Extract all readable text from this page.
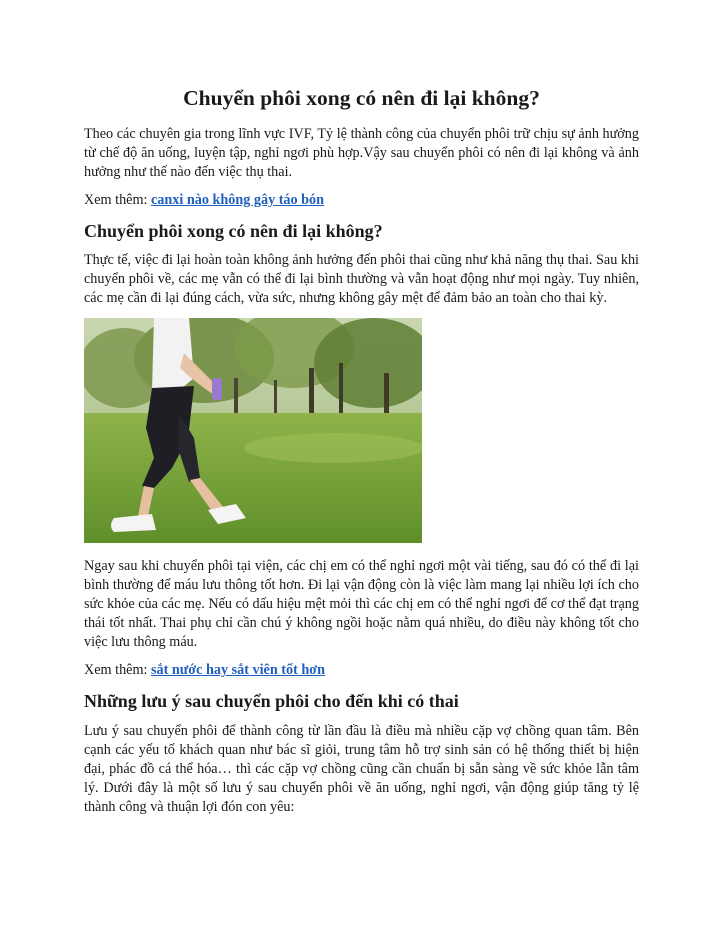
Chuyển phôi xong có nên đi lại không?

Theo các chuyên gia trong lĩnh vực IVF, Tỷ lệ thành công của chuyển phôi trữ chịu sự ảnh hưởng từ chế độ ăn uống, luyện tập, nghỉ ngơi phù hợp.Vậy sau chuyển phôi có nên đi lại không và ảnh hưởng như thế nào đến việc thụ thai.

Xem thêm: canxi nào không gây táo bón
Chuyển phôi xong có nên đi lại không?

Thực tế, việc đi lại hoàn toàn không ảnh hưởng đến phôi thai cũng như khả năng thụ thai. Sau khi chuyển phôi về, các mẹ vẫn có thể đi lại bình thường và vẫn hoạt động như mọi ngày. Tuy nhiên, các mẹ cần đi lại đúng cách, vừa sức, nhưng không gây mệt để đảm bảo an toàn cho thai kỳ.

Ngay sau khi chuyển phôi tại viện, các chị em có thể nghỉ ngơi một vài tiếng, sau đó có thể đi lại bình thường để máu lưu thông tốt hơn. Đi lại vận động còn là việc làm mang lại nhiều lợi ích cho sức khỏe của các mẹ. Nếu có dấu hiệu mệt mỏi thì các chị em có thể nghỉ ngơi để cơ thể đạt trạng thái tốt nhất. Thai phụ chỉ cần chú ý không ngồi hoặc nằm quá nhiều, do điều này không tốt cho việc lưu thông máu.

Xem thêm: sắt nước hay sắt viên tốt hơn
Những lưu ý sau chuyển phôi cho đến khi có thai

Lưu ý sau chuyển phôi để thành công từ lần đầu là điều mà nhiều cặp vợ chồng quan tâm. Bên cạnh các yếu tố khách quan như bác sĩ giỏi, trung tâm hỗ trợ sinh sản có hệ thống thiết bị hiện đại, phác đồ cá thể hóa… thì các cặp vợ chồng cũng cần chuẩn bị sẵn sàng về sức khỏe lẫn tâm lý. Dưới đây là một số lưu ý sau chuyển phôi về ăn uống, nghỉ ngơi, vận động giúp tăng tỷ lệ thành công và thuận lợi đón con yêu:
